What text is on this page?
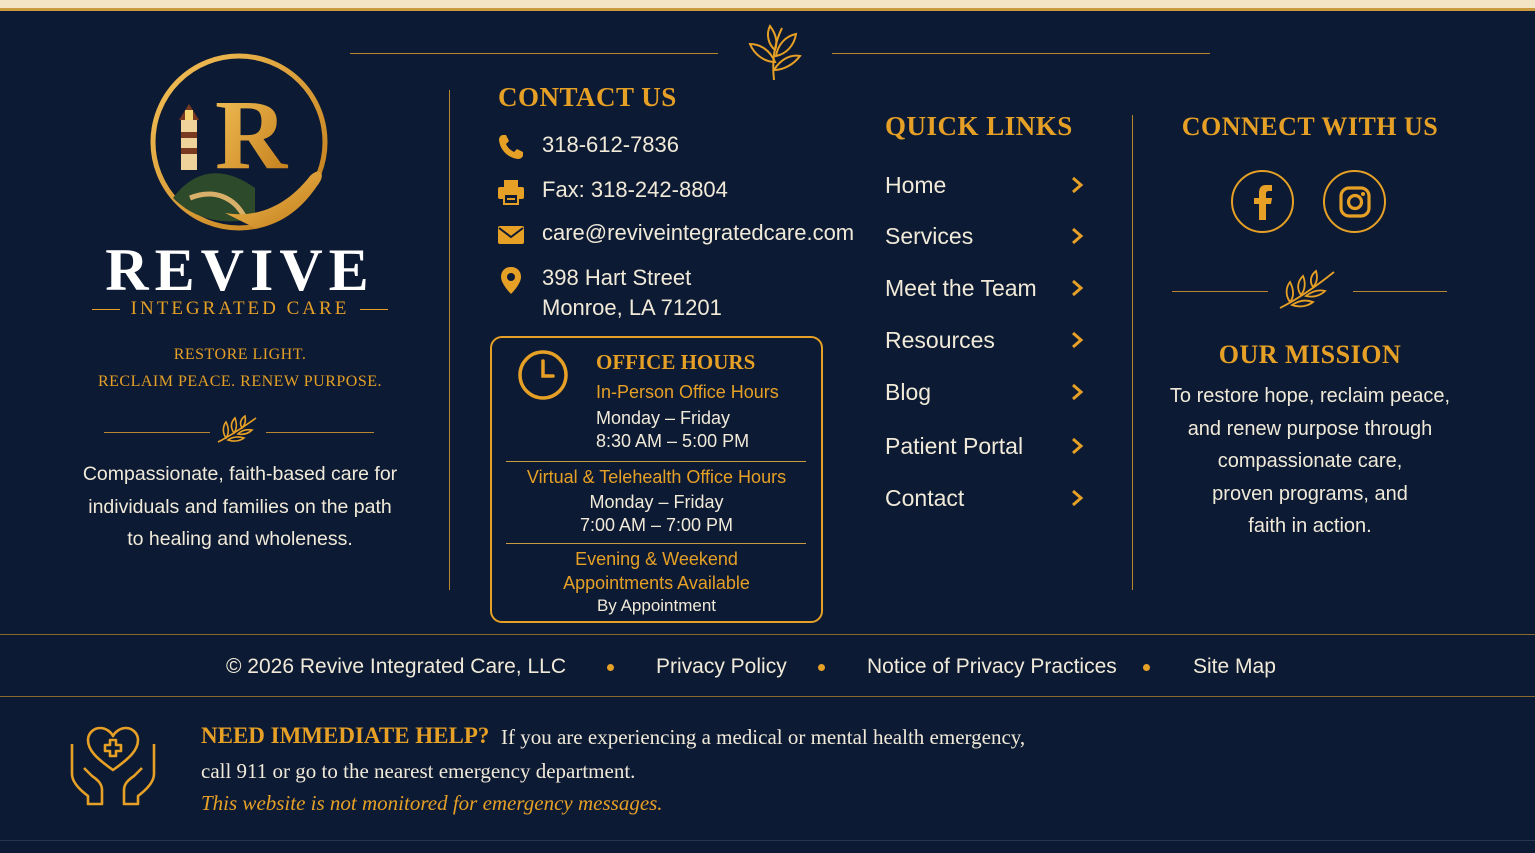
R
REVIVE
INTEGRATED CARE
RESTORE LIGHT.
RECLAIM PEACE. RENEW PURPOSE.
Compassionate, faith-based care for
individuals and families on the path
to healing and wholeness.
CONTACT US
318-612-7836
Fax: 318-242-8804
care@reviveintegratedcare.com
398 Hart Street
Monroe, LA 71201
OFFICE HOURS
In-Person Office Hours
Monday – Friday
8:30 AM – 5:00 PM
Virtual & Telehealth Office Hours
Monday – Friday
7:00 AM – 7:00 PM
Evening & Weekend
Appointments Available
By Appointment
QUICK LINKS
Home
Services
Meet the Team
Resources
Blog
Patient Portal
Contact
CONNECT WITH US
OUR MISSION
To restore hope, reclaim peace,
and renew purpose through
compassionate care,
proven programs, and
faith in action.
© 2026 Revive Integrated Care, LLC	Privacy Policy	Notice of Privacy Practices	Site Map
NEED IMMEDIATE HELP? If you are experiencing a medical or mental health emergency,
call 911 or go to the nearest emergency department.
This website is not monitored for emergency messages.
